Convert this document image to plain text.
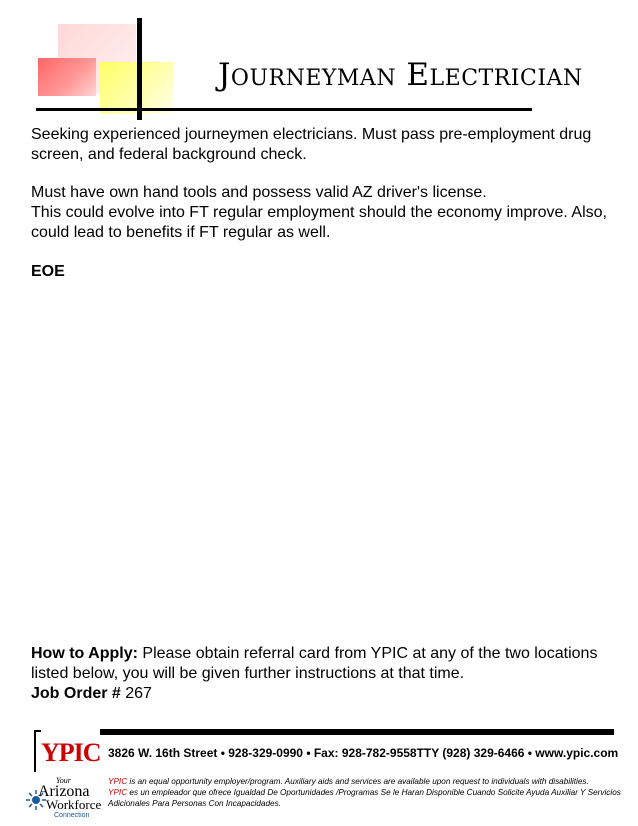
Journeyman Electrician
Seeking experienced journeymen electricians. Must pass pre-employment drug screen, and federal background check.
Must have own hand tools and possess valid AZ driver's license.
This could evolve into FT regular employment should the economy improve. Also, could lead to benefits if FT regular as well.
EOE
How to Apply: Please obtain referral card from YPIC at any of the two locations listed below, you will be given further instructions at that time.
Job Order # 267
YPIC
Your
Arizona
Workforce
Connection
3826 W. 16th Street • 928-329-0990 • Fax: 928-782-9558TTY (928) 329-6466 • www.ypic.com
YPIC is an equal opportunity employer/program. Auxiliary aids and services are available upon request to individuals with disabilities.
YPIC es un empleador que ofrece Igualdad De Oportunidades /Programas Se le Haran Disponible Cuando Solicite Ayuda Auxiliar Y Servicios
Adicionales Para Personas Con Incapacidades.
